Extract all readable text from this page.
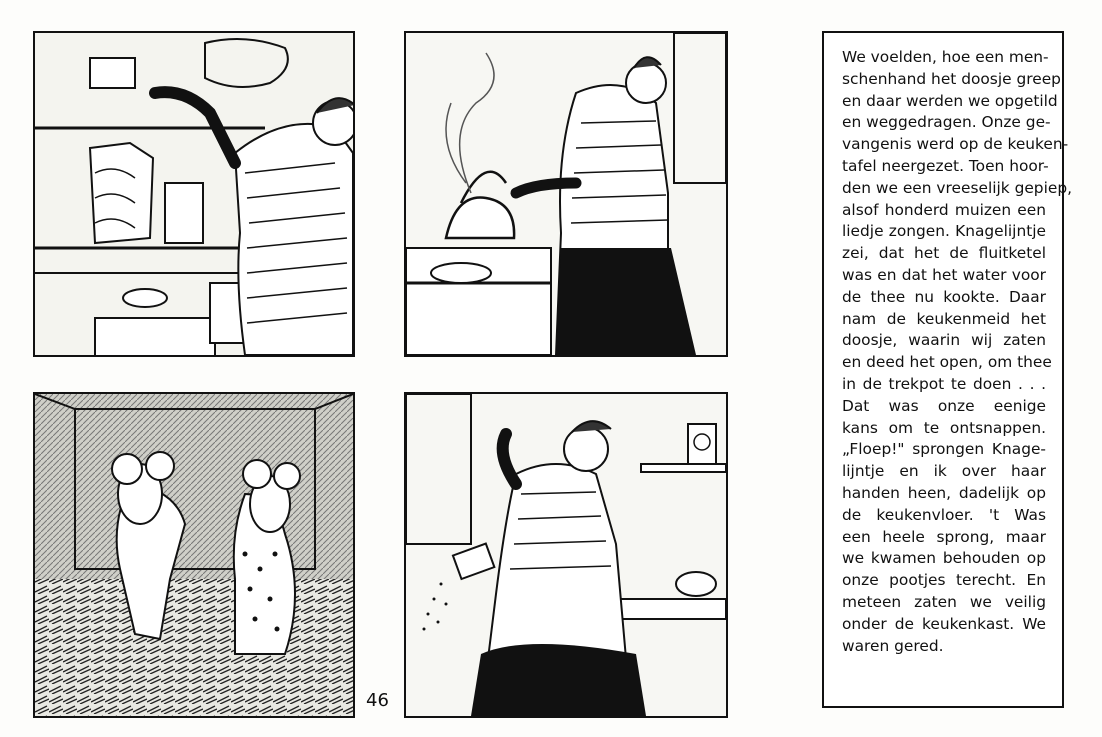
46
We voelden, hoe een men-
schenhand het doosje greep
en daar werden we opgetild
en weggedragen. Onze ge-
vangenis werd op de keuken-
tafel neergezet. Toen hoor-
den we een vreeselijk gepiep,
alsof honderd muizen een
liedje zongen. Knagelijntje
zei, dat het de fluitketel
was en dat het water voor
de thee nu kookte. Daar
nam de keukenmeid het
doosje, waarin wij zaten
en deed het open, om thee
in de trekpot te doen . . .
Dat was onze eenige
kans om te ontsnappen.
„Floep!" sprongen Knage-
lijntje en ik over haar
handen heen, dadelijk op
de keukenvloer. 't Was
een heele sprong, maar
we kwamen behouden op
onze pootjes terecht. En
meteen zaten we veilig
onder de keukenkast. We
waren gered.
